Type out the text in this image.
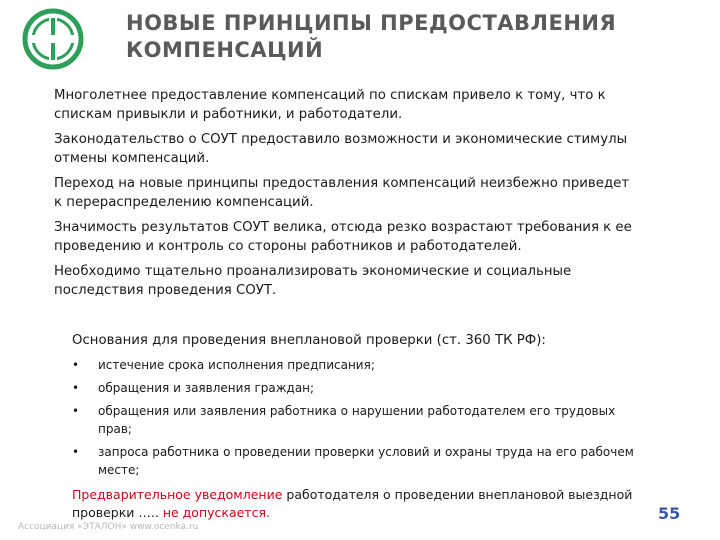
НОВЫЕ ПРИНЦИПЫ ПРЕДОСТАВЛЕНИЯ
КОМПЕНСАЦИЙ

Многолетнее предоставление компенсаций по спискам привело к тому, что к
спискам привыкли и работники, и работодатели.

Законодательство о СОУТ предоставило возможности и экономические стимулы
отмены компенсаций.

Переход на новые принципы предоставления компенсаций неизбежно приведет
к перераспределению компенсаций.

Значимость результатов СОУТ велика, отсюда резко возрастают требования к ее
проведению и контроль со стороны работников и работодателей.

Необходимо тщательно проанализировать экономические и социальные
последствия проведения СОУТ.

Основания для проведения внеплановой проверки (ст. 360 ТК РФ):
• истечение срока исполнения предписания;
• обращения и заявления граждан;
• обращения или заявления работника о нарушении работодателем его трудовых
прав;
• запроса работника о проведении проверки условий и охраны труда на его рабочем
месте;
Предварительное уведомление работодателя о проведении внеплановой выездной
проверки ….. не допускается.
Ассоциация «ЭТАЛОН» www.ocenka.ru
55
